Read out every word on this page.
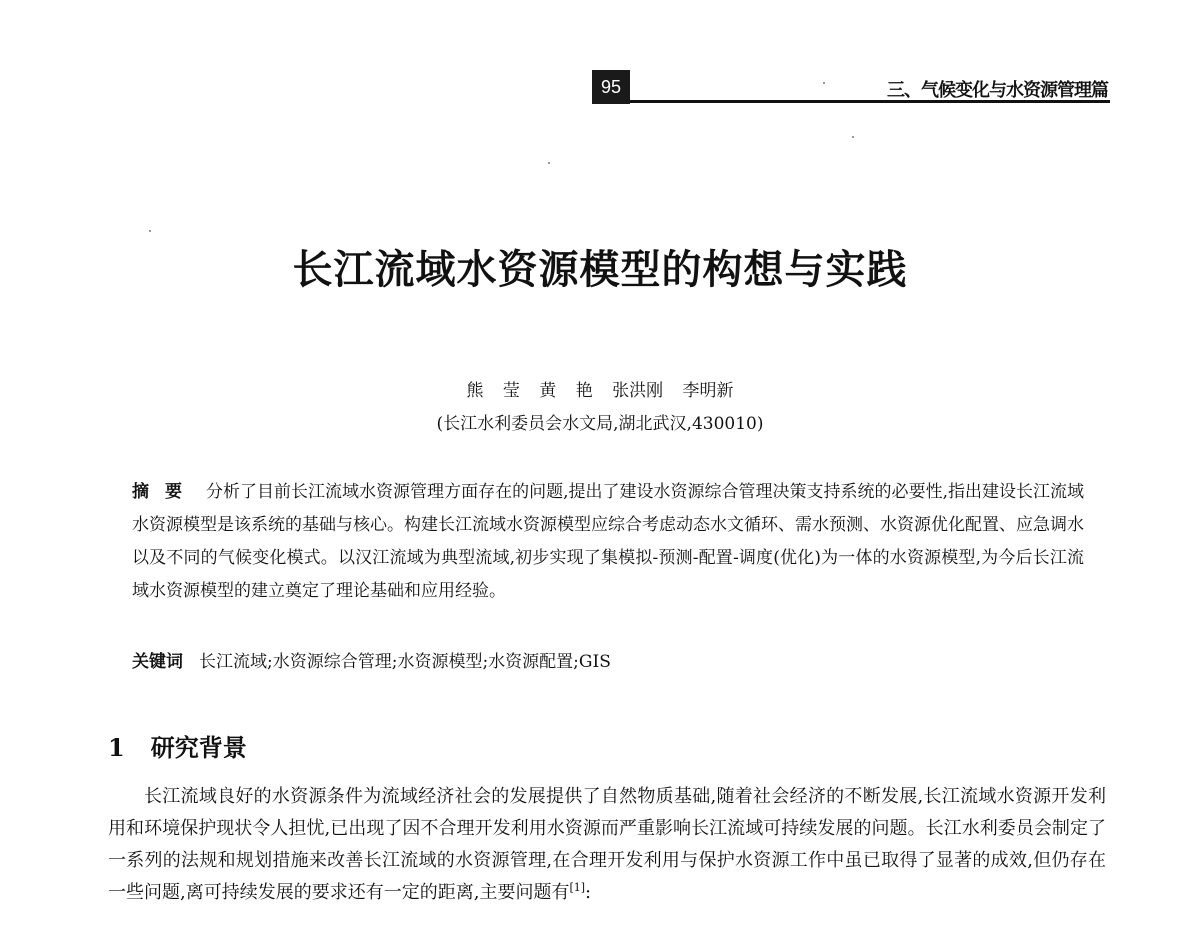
95	三、气候变化与水资源管理篇
长江流域水资源模型的构想与实践
熊 莹 黄 艳 张洪刚 李明新
(长江水利委员会水文局,湖北武汉,430010)

摘要 分析了目前长江流域水资源管理方面存在的问题,提出了建设水资源综合管理决策支持系统的必要性,指出建设长江流域水资源模型是该系统的基础与核心。构建长江流域水资源模型应综合考虑动态水文循环、需水预测、水资源优化配置、应急调水以及不同的气候变化模式。以汉江流域为典型流域,初步实现了集模拟-预测-配置-调度(优化)为一体的水资源模型,为今后长江流域水资源模型的建立奠定了理论基础和应用经验。

关键词 长江流域;水资源综合管理;水资源模型;水资源配置;GIS
1 研究背景

长江流域良好的水资源条件为流域经济社会的发展提供了自然物质基础,随着社会经济的不断发展,长江流域水资源开发利用和环境保护现状令人担忧,已出现了因不合理开发利用水资源而严重影响长江流域可持续发展的问题。长江水利委员会制定了一系列的法规和规划措施来改善长江流域的水资源管理,在合理开发利用与保护水资源工作中虽已取得了显著的成效,但仍存在一些问题,离可持续发展的要求还有一定的距离,主要问题有[1]:
